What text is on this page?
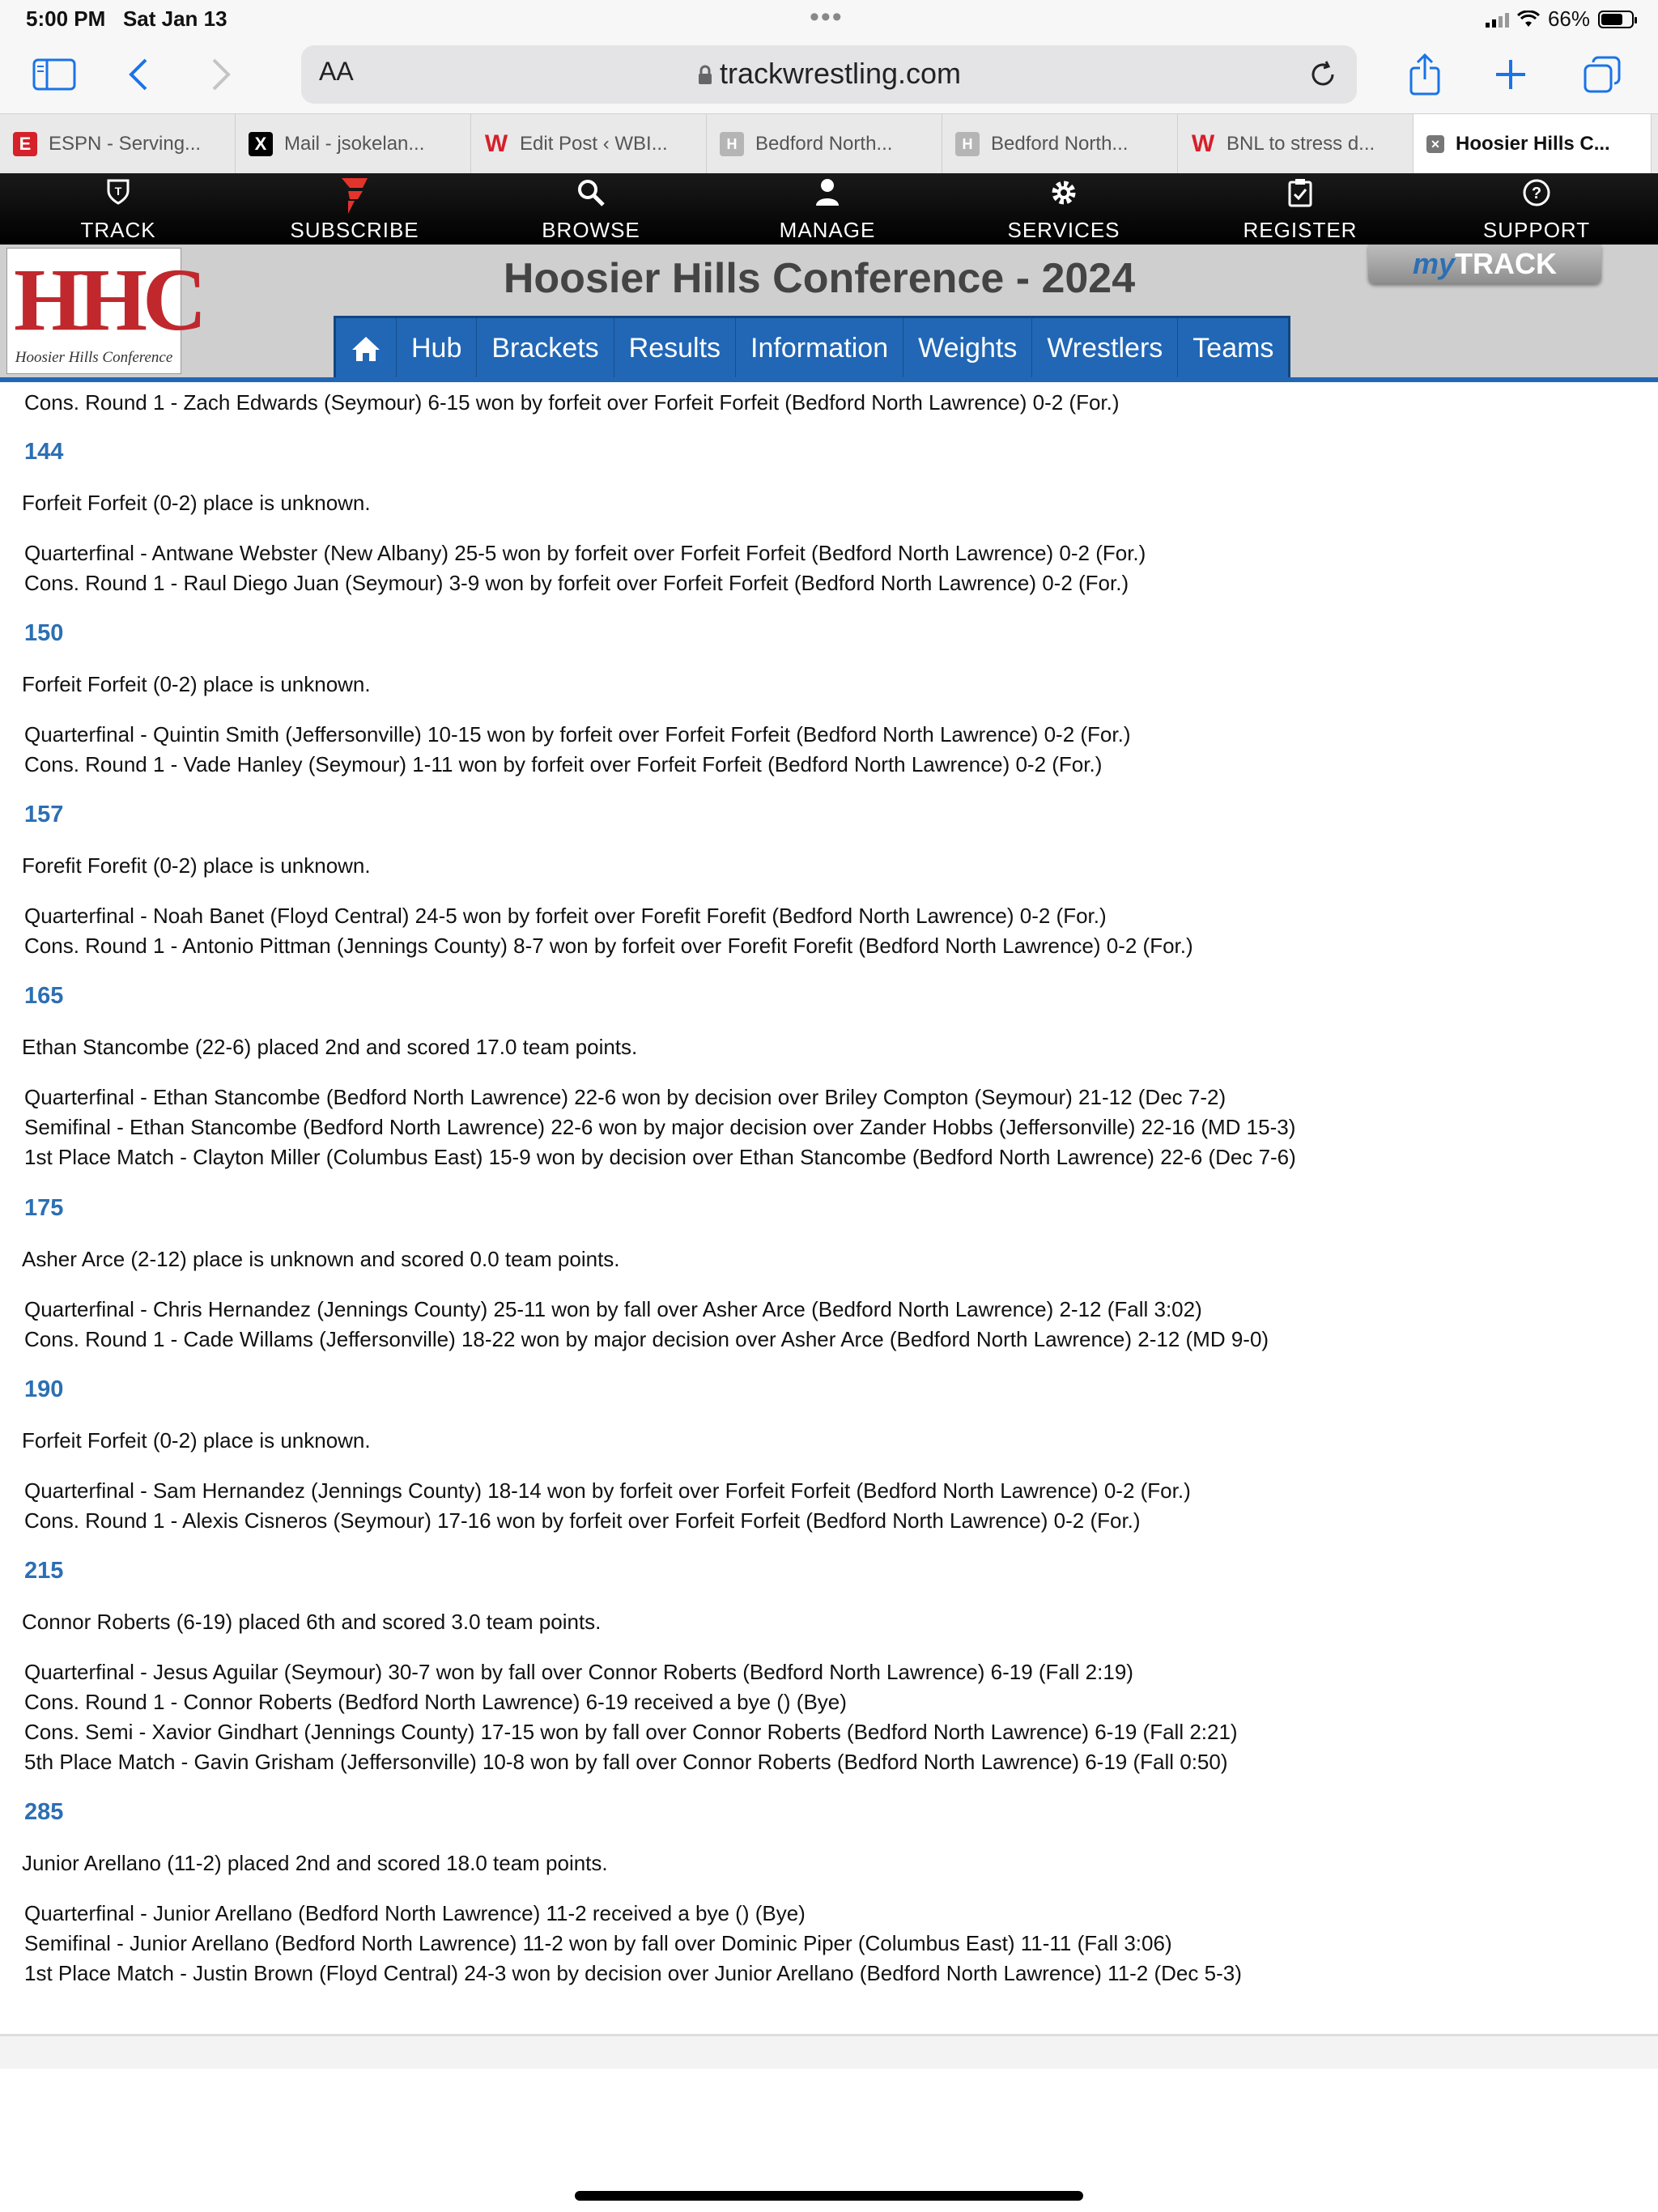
5:00 PM Sat Jan 13	•••	66%
AA	trackwrestling.com
E ESPN - Serving...	X Mail - jsokelan... W Edit Post ‹ WBI...	H Bedford North...	H Bedford North...	W BNL to stress d...	✕ Hoosier Hills C...
T
TRACK	SUBSCRIBE	BROWSE	MANAGE	SERVICES	REGISTER
?
SUPPORT
HHC
Hoosier Hills Conference
Hoosier Hills Conference - 2024	myTRACK
Hub	Brackets	Results	Information	Weights	Wrestlers	Teams
Cons. Round 1 - Zach Edwards (Seymour) 6-15 won by forfeit over Forfeit Forfeit (Bedford North Lawrence) 0-2 (For.)
144
Forfeit Forfeit (0-2) place is unknown.
Quarterfinal - Antwane Webster (New Albany) 25-5 won by forfeit over Forfeit Forfeit (Bedford North Lawrence) 0-2 (For.)
Cons. Round 1 - Raul Diego Juan (Seymour) 3-9 won by forfeit over Forfeit Forfeit (Bedford North Lawrence) 0-2 (For.)
150
Forfeit Forfeit (0-2) place is unknown.
Quarterfinal - Quintin Smith (Jeffersonville) 10-15 won by forfeit over Forfeit Forfeit (Bedford North Lawrence) 0-2 (For.)
Cons. Round 1 - Vade Hanley (Seymour) 1-11 won by forfeit over Forfeit Forfeit (Bedford North Lawrence) 0-2 (For.)
157
Forefit Forefit (0-2) place is unknown.
Quarterfinal - Noah Banet (Floyd Central) 24-5 won by forfeit over Forefit Forefit (Bedford North Lawrence) 0-2 (For.)
Cons. Round 1 - Antonio Pittman (Jennings County) 8-7 won by forfeit over Forefit Forefit (Bedford North Lawrence) 0-2 (For.)
165
Ethan Stancombe (22-6) placed 2nd and scored 17.0 team points.
Quarterfinal - Ethan Stancombe (Bedford North Lawrence) 22-6 won by decision over Briley Compton (Seymour) 21-12 (Dec 7-2)
Semifinal - Ethan Stancombe (Bedford North Lawrence) 22-6 won by major decision over Zander Hobbs (Jeffersonville) 22-16 (MD 15-3)
1st Place Match - Clayton Miller (Columbus East) 15-9 won by decision over Ethan Stancombe (Bedford North Lawrence) 22-6 (Dec 7-6)
175
Asher Arce (2-12) place is unknown and scored 0.0 team points.
Quarterfinal - Chris Hernandez (Jennings County) 25-11 won by fall over Asher Arce (Bedford North Lawrence) 2-12 (Fall 3:02)
Cons. Round 1 - Cade Willams (Jeffersonville) 18-22 won by major decision over Asher Arce (Bedford North Lawrence) 2-12 (MD 9-0)
190
Forfeit Forfeit (0-2) place is unknown.
Quarterfinal - Sam Hernandez (Jennings County) 18-14 won by forfeit over Forfeit Forfeit (Bedford North Lawrence) 0-2 (For.)
Cons. Round 1 - Alexis Cisneros (Seymour) 17-16 won by forfeit over Forfeit Forfeit (Bedford North Lawrence) 0-2 (For.)
215
Connor Roberts (6-19) placed 6th and scored 3.0 team points.
Quarterfinal - Jesus Aguilar (Seymour) 30-7 won by fall over Connor Roberts (Bedford North Lawrence) 6-19 (Fall 2:19)
Cons. Round 1 - Connor Roberts (Bedford North Lawrence) 6-19 received a bye () (Bye)
Cons. Semi - Xavior Gindhart (Jennings County) 17-15 won by fall over Connor Roberts (Bedford North Lawrence) 6-19 (Fall 2:21)
5th Place Match - Gavin Grisham (Jeffersonville) 10-8 won by fall over Connor Roberts (Bedford North Lawrence) 6-19 (Fall 0:50)
285
Junior Arellano (11-2) placed 2nd and scored 18.0 team points.
Quarterfinal - Junior Arellano (Bedford North Lawrence) 11-2 received a bye () (Bye)
Semifinal - Junior Arellano (Bedford North Lawrence) 11-2 won by fall over Dominic Piper (Columbus East) 11-11 (Fall 3:06)
1st Place Match - Justin Brown (Floyd Central) 24-3 won by decision over Junior Arellano (Bedford North Lawrence) 11-2 (Dec 5-3)
